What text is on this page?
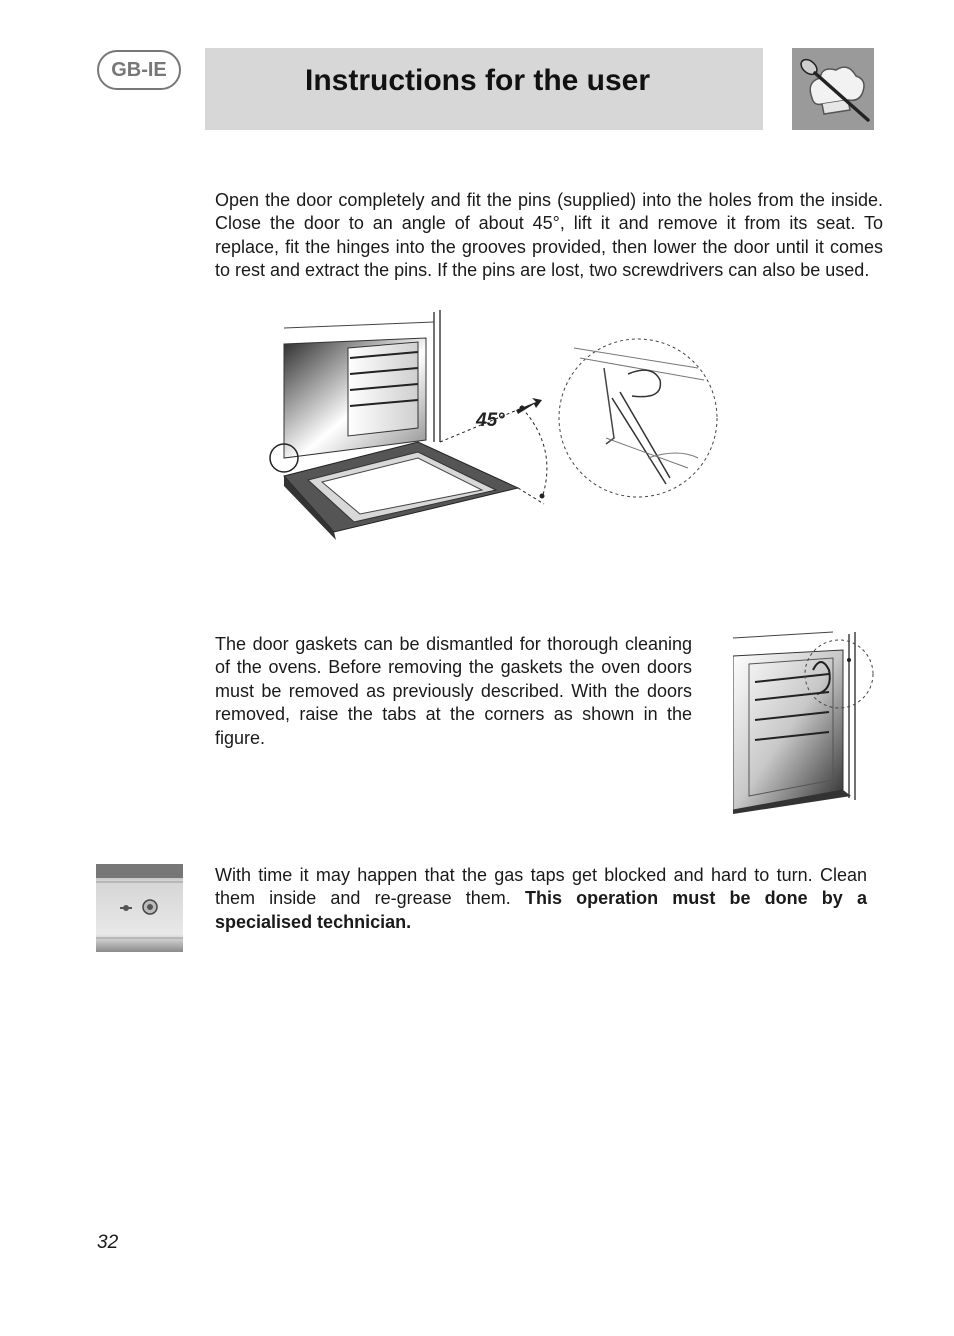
GB-IE	Instructions for the user

Open the door completely and fit the pins (supplied) into the holes from the inside. Close the door to an angle of about 45°, lift it and remove it from its seat. To replace, fit the hinges into the grooves provided, then lower the door until it comes to rest and extract the pins. If the pins are lost, two screwdrivers can also be used.

45°

The door gaskets can be dismantled for thorough cleaning of the ovens. Before removing the gaskets the oven doors must be removed as previously described. With the doors removed, raise the tabs at the corners as shown in the figure.

With time it may happen that the gas taps get blocked and hard to turn. Clean them inside and re-grease them. This operation must be done by a specialised technician.

32
